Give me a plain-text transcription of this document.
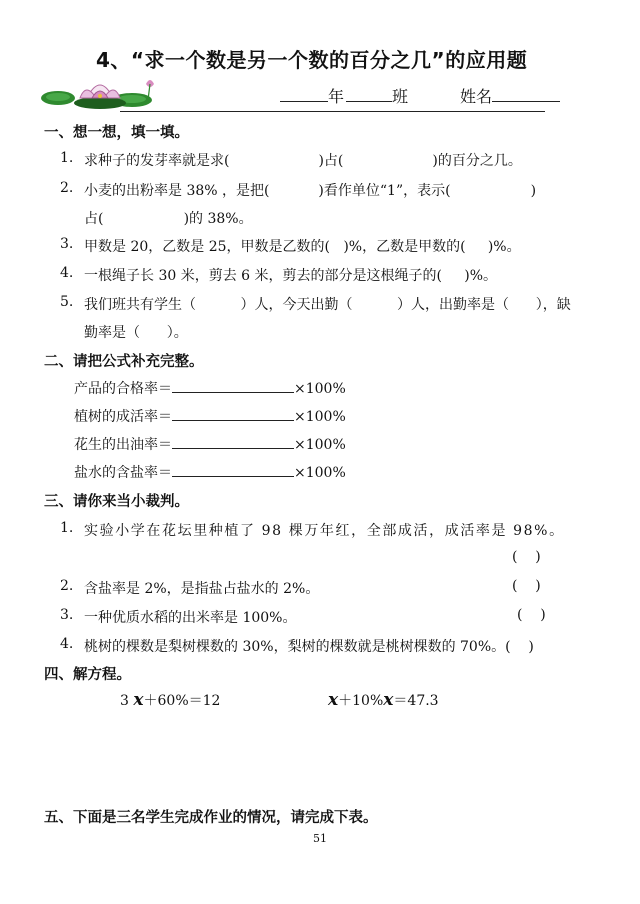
4、“求一个数是另一个数的百分之几”的应用题
年	班	姓名
一、想一想，填一填。
1. 求种子的发芽率就是求(                    )占(                    )的百分之几。
2. 小麦的出粉率是 38% ，是把(           )看作单位“1”，表示(                  )
占(                  )的 38%。
3. 甲数是 20，乙数是 25，甲数是乙数的(   )%，乙数是甲数的(     )%。
4. 一根绳子长 30 米，剪去 6 米，剪去的部分是这根绳子的(     )%。
5. 我们班共有学生（          ）人，今天出勤（          ）人，出勤率是（      ），缺
勤率是（      ）。
二、请把公式补充完整。
产品的合格率＝	×100%
植树的成活率＝	×100%
花生的出油率＝	×100%
盐水的含盐率＝	×100%
三、请你来当小裁判。
1. 实验小学在花坛里种植了 98 棵万年红，全部成活，成活率是 98%。
(    )
2. 含盐率是 2%，是指盐占盐水的 2%。	(    )
3. 一种优质水稻的出米率是 100%。	(    )
4. 桃树的棵数是梨树棵数的 30%，梨树的棵数就是桃树棵数的 70%。(    )
四、解方程。
3 x＋60%＝12	x＋10%x＝47.3
五、下面是三名学生完成作业的情况，请完成下表。
51
